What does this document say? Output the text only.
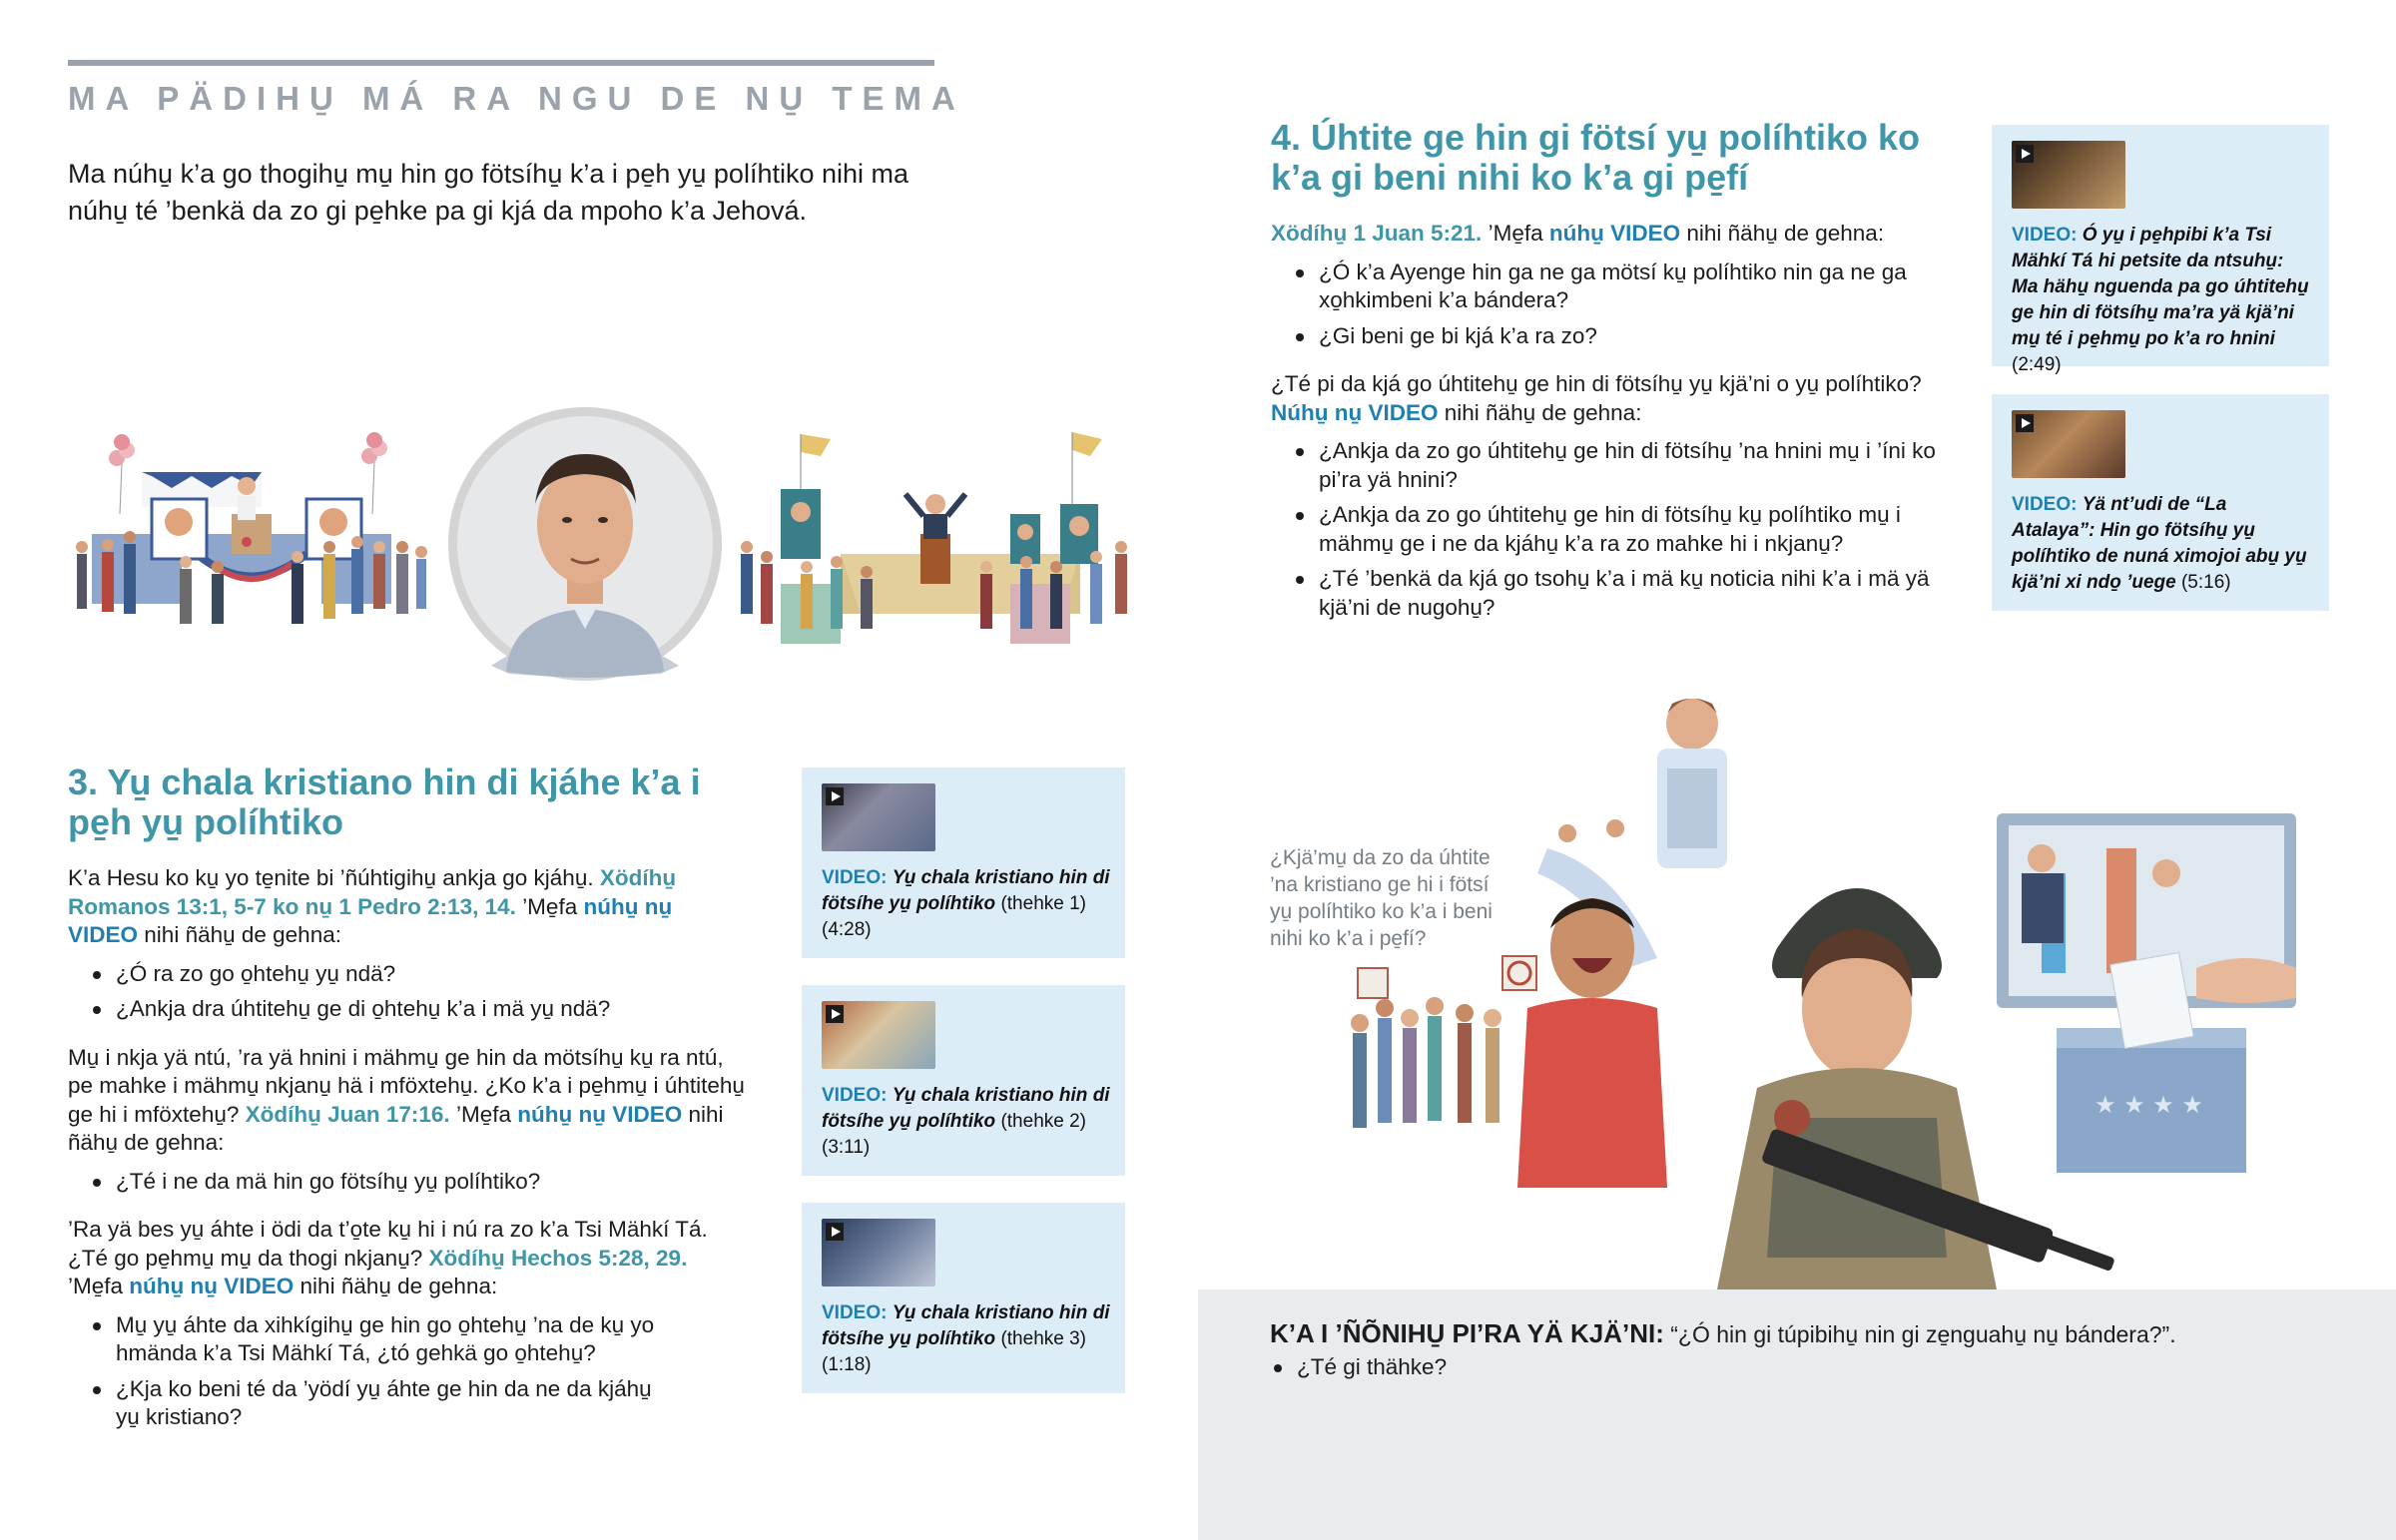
MA PÄDIHU̱ MÁ RA NGU DE NU̱ TEMA
Ma núhu̱ k’a go thogihu̱ mu̱ hin go fötsíhu̱ k’a i pe̱h yu̱ políhtiko nihi ma núhu̱ té ’benkä da zo gi pe̱hke pa gi kjá da mpoho k’a Jehová.
3. Yu̱ chala kristiano hin di kjáhe k’a i pe̱h yu̱ políhtiko
K’a Hesu ko ku̱ yo te̱nite bi ’ñúhtigihu̱ ankja go kjáhu̱. Xödíhu̱ Romanos 13:1, 5-7 ko nu̱ 1 Pedro 2:13, 14. ’Me̱fa núhu̱ nu̱ VIDEO nihi ñähu̱ de gehna:
¿Ó ra zo go o̱htehu̱ yu̱ ndä?
¿Ankja dra úhtitehu̱ ge di o̱htehu̱ k’a i mä yu̱ ndä?
Mu̱ i nkja yä ntú, ’ra yä hnini i mähmu̱ ge hin da mötsíhu̱ ku̱ ra ntú, pe mahke i mähmu̱ nkjanu̱ hä i mföxtehu̱. ¿Ko k’a i pe̱hmu̱ i úhtitehu̱ ge hi i mföxtehu̱? Xödíhu̱ Juan 17:16. ’Me̱fa núhu̱ nu̱ VIDEO nihi ñähu̱ de gehna:
¿Té i ne da mä hin go fötsíhu̱ yu̱ políhtiko?
’Ra yä bes yu̱ áhte i ödi da t’o̱te ku̱ hi i nú ra zo k’a Tsi Mähkí Tá. ¿Té go pe̱hmu̱ mu̱ da thogi nkjanu̱? Xödíhu̱ Hechos 5:28, 29.
’Me̱fa núhu̱ nu̱ VIDEO nihi ñähu̱ de gehna:
Mu̱ yu̱ áhte da xihkígihu̱ ge hin go o̱htehu̱ ’na de ku̱ yo hmända k’a Tsi Mähkí Tá, ¿tó gehkä go o̱htehu̱?
¿Kja ko beni té da ’yödí yu̱ áhte ge hin da ne da kjáhu̱ yu̱ kristiano?
VIDEO: Yu̱ chala kristiano hin di fötsíhe yu̱ políhtiko (thehke 1) (4:28)
VIDEO: Yu̱ chala kristiano hin di fötsíhe yu̱ políhtiko (thehke 2) (3:11)
VIDEO: Yu̱ chala kristiano hin di fötsíhe yu̱ políhtiko (thehke 3) (1:18)
4. Úhtite ge hin gi fötsí yu̱ políhtiko ko k’a gi beni nihi ko k’a gi pe̱fí
Xödíhu̱ 1 Juan 5:21. ’Me̱fa núhu̱ VIDEO nihi ñähu̱ de gehna:
¿Ó k’a Ayenge hin ga ne ga mötsí ku̱ políhtiko nin ga ne ga xo̱hkimbeni k’a bándera?
¿Gi beni ge bi kjá k’a ra zo?
¿Té pi da kjá go úhtitehu̱ ge hin di fötsíhu̱ yu̱ kjä’ni o yu̱ políhtiko? Núhu̱ nu̱ VIDEO nihi ñähu̱ de gehna:
¿Ankja da zo go úhtitehu̱ ge hin di fötsíhu̱ ’na hnini mu̱ i ’íni ko pi’ra yä hnini?
¿Ankja da zo go úhtitehu̱ ge hin di fötsíhu̱ ku̱ políhtiko mu̱ i mähmu̱ ge i ne da kjáhu̱ k’a ra zo mahke hi i nkjanu̱?
¿Té ’benkä da kjá go tsohu̱ k’a i mä ku̱ noticia nihi k’a i mä yä kjä’ni de nugohu̱?
VIDEO: Ó yu̱ i pe̱hpibi k’a Tsi Mähkí Tá hi petsite da ntsuhu̱: Ma hähu̱ nguenda pa go úhtitehu̱ ge hin di fötsíhu̱ ma’ra yä kjä’ni mu̱ té i pe̱hmu̱ po k’a ro hnini (2:49)
VIDEO: Yä nt’udi de “La Atalaya”: Hin go fötsíhu̱ yu̱ políhtiko de nuná ximojoi abu̱ yu̱ kjä’ni xi ndo̱ ’uege (5:16)
¿Kjä’mu̱ da zo da úhtite ’na kristiano ge hi i fötsí yu̱ políhtiko ko k’a i beni nihi ko k’a i pe̱fí?
★ ★ ★ ★
K’A I ’ÑÕNIHU̱ PI’RA YÄ KJÄ’NI: “¿Ó hin gi túpibihu̱ nin gi ze̱nguahu̱ nu̱ bándera?”.
¿Té gi thähke?
